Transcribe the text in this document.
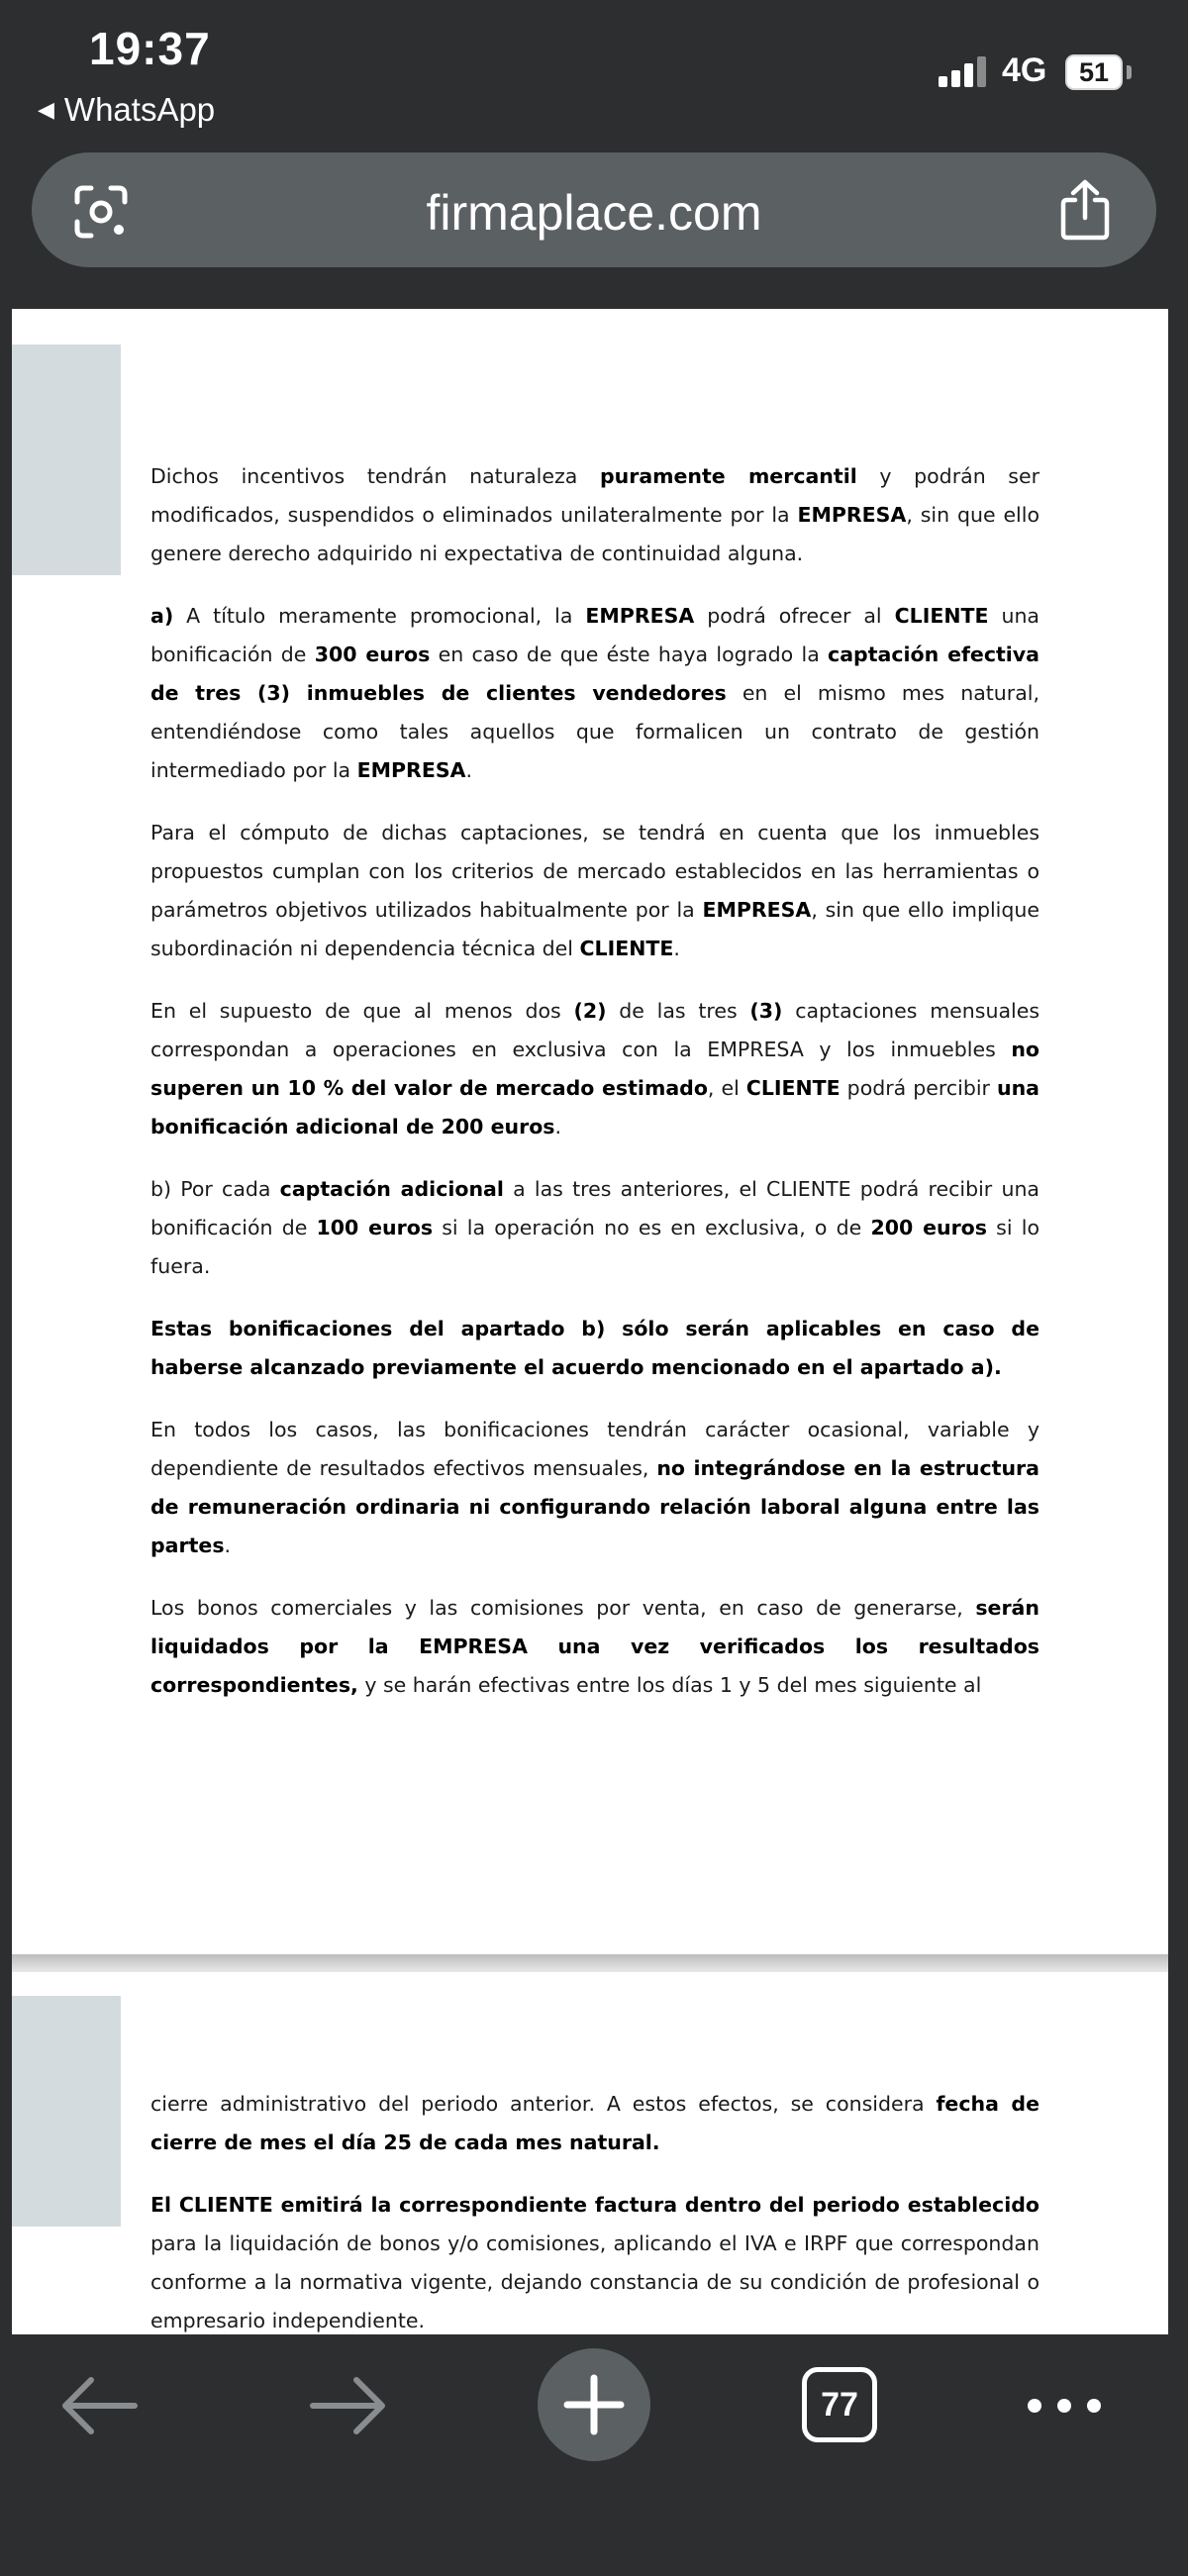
19:37
◀ WhatsApp
4G	51
firmaplace.com

Dichos incentivos tendrán naturaleza puramente mercantil y podrán ser modificados, suspendidos o eliminados unilateralmente por la EMPRESA, sin que ello genere derecho adquirido ni expectativa de continuidad alguna.

a) A título meramente promocional, la EMPRESA podrá ofrecer al CLIENTE una bonificación de 300 euros en caso de que éste haya logrado la captación efectiva de tres (3) inmuebles de clientes vendedores en el mismo mes natural, entendiéndose como tales aquellos que formalicen un contrato de gestión intermediado por la EMPRESA.

Para el cómputo de dichas captaciones, se tendrá en cuenta que los inmuebles propuestos cumplan con los criterios de mercado establecidos en las herramientas o parámetros objetivos utilizados habitualmente por la EMPRESA, sin que ello implique subordinación ni dependencia técnica del CLIENTE.

En el supuesto de que al menos dos (2) de las tres (3) captaciones mensuales correspondan a operaciones en exclusiva con la EMPRESA y los inmuebles no superen un 10 % del valor de mercado estimado, el CLIENTE podrá percibir una bonificación adicional de 200 euros.

b) Por cada captación adicional a las tres anteriores, el CLIENTE podrá recibir una bonificación de 100 euros si la operación no es en exclusiva, o de 200 euros si lo fuera.

Estas bonificaciones del apartado b) sólo serán aplicables en caso de haberse alcanzado previamente el acuerdo mencionado en el apartado a).

En todos los casos, las bonificaciones tendrán carácter ocasional, variable y dependiente de resultados efectivos mensuales, no integrándose en la estructura de remuneración ordinaria ni configurando relación laboral alguna entre las partes.

Los bonos comerciales y las comisiones por venta, en caso de generarse, serán liquidados por la EMPRESA una vez verificados los resultados correspondientes, y se harán efectivas entre los días 1 y 5 del mes siguiente al

cierre administrativo del periodo anterior. A estos efectos, se considera fecha de cierre de mes el día 25 de cada mes natural.

El CLIENTE emitirá la correspondiente factura dentro del periodo establecido para la liquidación de bonos y/o comisiones, aplicando el IVA e IRPF que correspondan conforme a la normativa vigente, dejando constancia de su condición de profesional o empresario independiente.

77
